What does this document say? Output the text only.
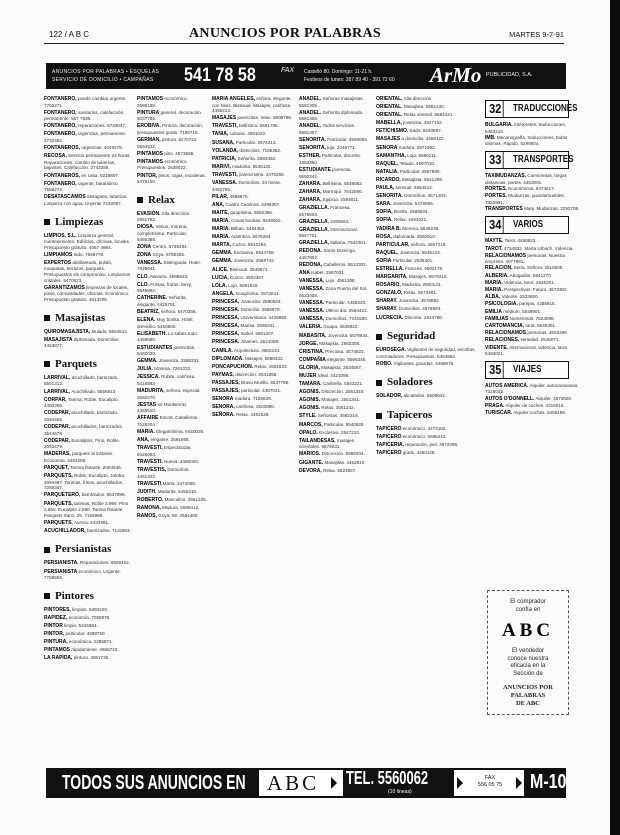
122 / A B C	ANUNCIOS POR PALABRAS	MARTES 9-7-91
ANUNCIOS POR PALABRAS • ESQUELAS
SERVICIO DE DOMICILIO • CAMPAÑAS 541 78 58	FAX Castelló 80. Domingo: 11-21 h.
Festivos de lunes: 387 89 40 - 391 72 60 ArMo PUBLICIDAD, S.A.
FONTANERO, puede cambiar urgente. 7755271.
FONTANERO, sanitarios, calefacción, permanente. 567 7536.
FONTANERO, reparaciones. 6733047.
FONTANERO, urgencias, permanente. 2732492.
FONTANEROS, urgencias. 4049278.
RECOSA, Servicio permanente 24 horas. Reparaciones, cambio de tuberías, bajantes. Calefacción. 2743256.
FONTANEROS, en casa. 5216807.
FONTANERO, urgente, baratísimo. 7558272.
DESATASCAMOS desagües, tuberías. Limpieza con agua. Urgente 7233097.
Limpiezas
LIMPIOS, S.L. Limpieza general, mantenimiento. Edificios, oficinas, locales. Presupuesto gratuito. 4057 4994.
LIMPIAMOS todo. 7559778.
EXPERTOS abrillantado, pulido, moquetas, terrazos, parquets. Presupuestos sin compromiso. Limpiamos cristales. 5470623.
GARANTIZAMOS limpiezas de locales, pisos, comunidades, oficinas. Económico. Presupuesto gratuito. 4613206.
Masajistas
QUIROMASAJISTA, titulado. 5554512.
MASAJISTA diplomada. Domicilios. 4453877.
Parquets
LARRIVAL, acuchillado, barnizado. 5551312.
LARRIVAL, Acuchillado. 5555613.
CORPAR, Tarima, Roble, Eucalipto. 4483306.
CODEPAR, acuchillado, barnizado. 2094468.
CODEPAR, acuchillados, barnizados. 3544678.
CODEPAR, Eucaliptos, Pino, Roble. 2063479.
MADERAS, parquets al instante. Economía. 4463208.
PARQUET, Tarima flotante. 2084536.
PARQUETS, Roble, Eucalipto, Jatoba. 2094467. Tarimas, frisos, acuchillados. 7259347.
PARQUETERO, barnizados. 6547896.
PARQUETS, tarimas. Roble 3.990. Pino 2.850. Eucalipto 2.590. Tarima flotante. Parquets Sanz, 25. 7156988.
PARQUETS, Aurora. 4433361.
ACUCHILLADOR, barnizados. 7115693.
Persianistas
PERSIANISTA. Reparaciones. 5509452.
PERSIANISTA económico. Urgente. 7759559.
Pintores
PINTORES, limpios. 5493220.
RAPIDEZ, economía. 7059876.
PINTOR limpio. 5415684.
PINTOR, particular. 4698750.
PINTURA, económica. 2285971.
PINTAMOS rápidamente. 4655733.
LA RAPIDA, pintura. 4081738.
PINTAMOS económico. 2586188.
PINTURA general, decoración. 5037786.
EROBIVA. Pintura, decoración, presupuestos gratis. 7180718.
GERMAN, pintura. 5270722. 5564532.
PINTAMOS piso. 4573586.
PINTAMOS económico. Presupuestos. 2639022.
PINTOR, pisos, cajas, escaleras. 5478100.
Relax
EVASION. Alta dirección. 2851752.
DIOSA. Venus, morena, completísima. Particular. 5456389.
ZONA Centro. 5735484.
ZONA Goya. 5755405.
VANESSA. Distinguida. Hotel. 7529041.
CLO. Navarra. 4586523.
CLO. Fresas, frutas. Sexy. 5545892.
CATHERINE. Señorita, elegante. 4425791.
BEATRIZ, señora. 5470356.
ELENA. Muy bonita. Hotel, domicilio. 5456800.
ELISABETH. Lo sabes todo. 4455680.
ESTUDIANTES jovencitas. 5482030.
GEMMA. Jovencita. 2596231.
JULIA. Morena. 7261032.
JESSICA. Rubita, cariñosa. 5416893.
MADURITA, señora, especial. 2582270.
JESTAS en Montserrat. 4355610.
AFFAIRE Escort. Caballeros. 7528304.
MARIA. Elegantísima. 5440035.
ANA, elegante. 2591066.
TRAVESTI, Espectacular. 5425063.
TRAVESTI. Nueva. 4486020.
TRAVESTIS, Domicilios. 4451322.
TRAVESTI Marta. 2472058.
JUDITH. Madurita. 5455210.
ROBERTO. Masculino. 2581325.
RAMONA, Madura. 5595412.
RAMOS, Goya, 68. 2564400.
MARIA ANGELES, señora, elegante, con fotos. Bisexual. Masajes, cariñosa. 4456213.
MASAJES jovencitas, relax. 5506789.
TRAVESTI, bellísimo. 5591785.
TANIA, cubana. 4591022.
SUSANA, Particular. 2574213.
YOLANDA, domicilios. 7155382.
PATRICIA, Señorita. 2583452.
MARIVI, madurita. 5546120.
TRAVESTI, jovencísimo. 4470268.
VANESSA. Domicilios. 24 horas. 4452795.
PILAR, 4566875.
ANA, Cuatro Caminos. 4495307.
MAITE, guapísima. 5552356.
MARIA. Cosas bonitas. 5549602.
MARIA. Bilbao. 5484352.
MARIA. Auténtica. 5576284.
MARTA, Cuzco. 5510294.
GEMMA. Exclusiva. 5544768.
GEMMA. Jovencita. 2568742.
ALICE. Bisexual. 2549874.
LUCIA, Cuzco. 4502367.
LOLA. Lujo. 5591846.
ANGELA, Guapísima. 2573041.
PRINCESA, Jovencita. 2590543.
PRINCESA. Domicilio. 2566879.
PRINCESA, Universitaria. 4429865.
PRINCESA, Marisa. 2598341.
PRINCESA, Isabel. 5561207.
PRINCESA. Jóvenes. 2541089.
CAMILA. Arquitectura. 4582234.
DIPLOMADA. Masajes. 5598432.
PONCAPUCHON. Relax. 4591823.
PAYMAS, discreción. 2541865.
PASSAJES, Bravo Murillo. 5537788.
PASSAJES, particular. 4467021.
SENORA madura. 7155629.
SENORA, cariñosa. 2503890.
SEÑORA. Relax. 4481539.
ANADEL. Señoras masajistas. 5581305.
ANADEL. Señorita diplomada. 5581306.
ANADEL. Todos servicios. 5581307.
SENORITA. Particular. 4569083.
SENORITA, lujo. 2346771.
ESTHER. Particular, discreta. 4582350.
ESTUDIANTE jovencita. 5550342.
ZAHARA. Bellísima. 5546662.
ZAHARA, Marroquí. 7542080.
ZAHARA, Egipcia. 2594611.
GRAZIELLA. Francesa. 5576503.
GRAZIELLA. 2465564.
GRAZIELLA. Internacional. 5547701.
GRAZIELLA, Italiana. 7542301.
REDONA. Santo Domingo. 4457802.
REDONA, Caballeros. 5514302.
ANA Isabel. 2567031.
VANESSA, Lujo. 4551208.
VANESSA. Zona Puerta del Sol. 5523408.
VANESSA. Particular. 4456320.
VANESSA. Ultimo día. 2584421.
VANESSA, Domicilios. 7241580.
VALERIA. Guapa. 4546822.
MABASITA. Jovencita. 5578934.
JORGE, Masajista. 2562308.
CRISTINA. Preciosa. 4574823.
COMPAÑIA elegante. 5596345.
GLORIA, Masajista. 2534567.
MUJER Ideal. 4421096.
TAMARA. Caribeña. 5543221.
AGONIS. Discreción. 2551340.
AGONIS. Masajes. 2551341.
AGONIS. Relax. 2551342.
STYLE. Señoritas. 4582316.
MARCOS, Particular. 5540928.
OPALO. Exclusivo. 2547210.
TAILANDESAS, masajes orientales. 5579031.
MARIOS. Discreción. 5598304.
GIGANTE. Masajista. 4462810.
DEVORA, Relax. 5523687.
ORIENTAL, Alta dirección.
ORIENTAL. Masajista. 5581230.
ORIENTAL. Relax oriental. 5584421.
MABELLA, jovencita. 4527102.
FETICHISMO. Sado. 5530897.
MASAJES a domicilio. 4459122.
SENORA madura. 2571902.
SAMANTHA, Lujo. 5590211.
RAQUEL, Tetuán. 4597010.
NATALIA. Particular. 2557890.
RICARDO. Masajista. 5541209.
PAULA, sensual. 5564512.
SENORITA. Domicilios. 4571203.
SARA. Jovencita. 5478956.
SOFIA, Bonita. 2589034.
SOFIA. Relax. 4493021.
YADIRA B. Morena. 5546238.
ROSA, diplomada. 2560910.
PARTICULAR, señora. 4557219.
RAQUEL, Jovencita. 5545123.
SOFIA Particular. 2536401.
ESTRELLA. Francés. 4502176.
MARGARITA. Masajes. 5579210.
ROSARIO, Madurita. 2550123.
GONZALO, Relax. 5573401.
SHARAY. Jovencita. 4576892.
SHARAY. Domicilios. 4576893.
LUCRECIA. Discreta. 2544780.
Seguridad
EUROSEGA. Vigilantes de seguridad, escoltas, controladores. Presupuestos. 5463982.
ROBO. Vigilantes, guardas. 4459875.
Soladores
SOLADOR, alicatados. 5508942.
Tapiceros
TAPICERO económico. 4473182.
TAPICERO económico. 5585243.
TAPICERIA, reparación, piel. 4672398.
TAPICERO gratis. 4290128.
32 TRADUCCIONES
BULGARIA. Intérpretes, traducciones. 5463210.
IMB. Mecanografía, traducciones, todos idiomas. Rápido. 5299604.
33 TRANSPORTES
TAXIMUDANZAS. Camionetas, largas distancias, portes. 4463091.
PORTES. Económicos. 5474617.
PORTES. Mudanzas, guardamuebles. 7323991.
TRANSPORTES Mary. Mudanzas. 2293708.
34 VARIOS
MAYTE. Tarot. 4498923.
TAROT. 4754532. Marta Urbach. Videncia.
RELACIONAMOS personas. Nuestra empresa. 4077961.
RELACION. Seria. Señora. 3515508.
ALBERIA. Abogados. 5941270.
MARIA. Videncia, tarot. 2645201.
MARIA. Perspectivas. Futuro. 4573302.
ALBA, Vidente. 2533690.
PSICOLOGIA, parejas. 4288915.
EMILIA médium. 5549901.
FAMILIAS Numerosas. 7523098.
CARTOMANCIA, tarot. 5545301.
RELACIONAMOS personas. 4503268.
RELACIONES, seriedad. 2546071.
VIDENTE. Internacional, videncia, tarot. 5493021.
35 VIAJES
AUTOS AMERICA. Alquiler, autocaravanas. 7328012.
AUTOS O'DONNELL. Alquiler. 4574920.
PRAGA. Alquiler de coches. 4316015.
TURISCAR. Alquiler coches. 5458189.
El comprador
confía en
ABC
El vendedor
conoce nuestra
eficacia en la
Sección de
ANUNCIOS POR
PALABRAS
DE ABC
TODOS SUS ANUNCIOS EN ABC TEL. 5560062
(10 líneas)
FAX
556 05 75 M-10
